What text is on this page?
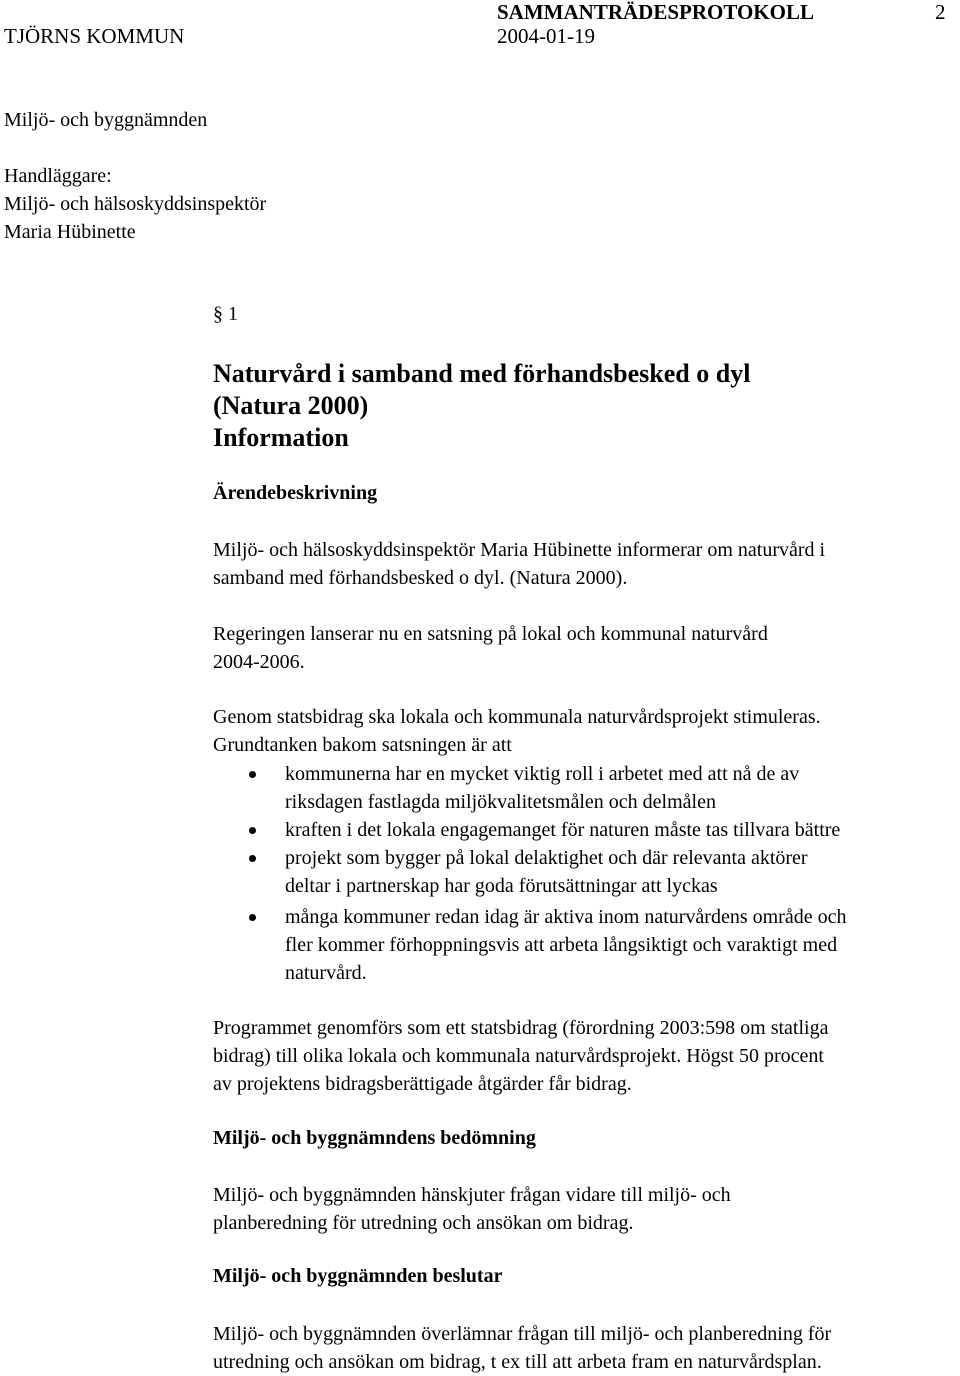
TJÖRNS KOMMUN
SAMMANTRÄDESPROTOKOLL
2004-01-19
2
Miljö- och byggnämnden
Handläggare:
Miljö- och hälsoskyddsinspektör
Maria Hübinette
§ 1
Naturvård i samband med förhandsbesked o dyl
(Natura 2000)
Information
Ärendebeskrivning
Miljö- och hälsoskyddsinspektör Maria Hübinette informerar om naturvård i
samband med förhandsbesked o dyl. (Natura 2000).
Regeringen lanserar nu en satsning på lokal och kommunal naturvård
2004-2006.
Genom statsbidrag ska lokala och kommunala naturvårdsprojekt stimuleras.
Grundtanken bakom satsningen är att
kommunerna har en mycket viktig roll i arbetet med att nå de av
riksdagen fastlagda miljökvalitetsmålen och delmålen
kraften i det lokala engagemanget för naturen måste tas tillvara bättre
projekt som bygger på lokal delaktighet och där relevanta aktörer
deltar i partnerskap har goda förutsättningar att lyckas
många kommuner redan idag är aktiva inom naturvårdens område och
fler kommer förhoppningsvis att arbeta långsiktigt och varaktigt med
naturvård.
Programmet genomförs som ett statsbidrag (förordning 2003:598 om statliga
bidrag) till olika lokala och kommunala naturvårdsprojekt. Högst 50 procent
av projektens bidragsberättigade åtgärder får bidrag.
Miljö- och byggnämndens bedömning
Miljö- och byggnämnden hänskjuter frågan vidare till miljö- och
planberedning för utredning och ansökan om bidrag.
Miljö- och byggnämnden beslutar
Miljö- och byggnämnden överlämnar frågan till miljö- och planberedning för
utredning och ansökan om bidrag, t ex till att arbeta fram en naturvårdsplan.
